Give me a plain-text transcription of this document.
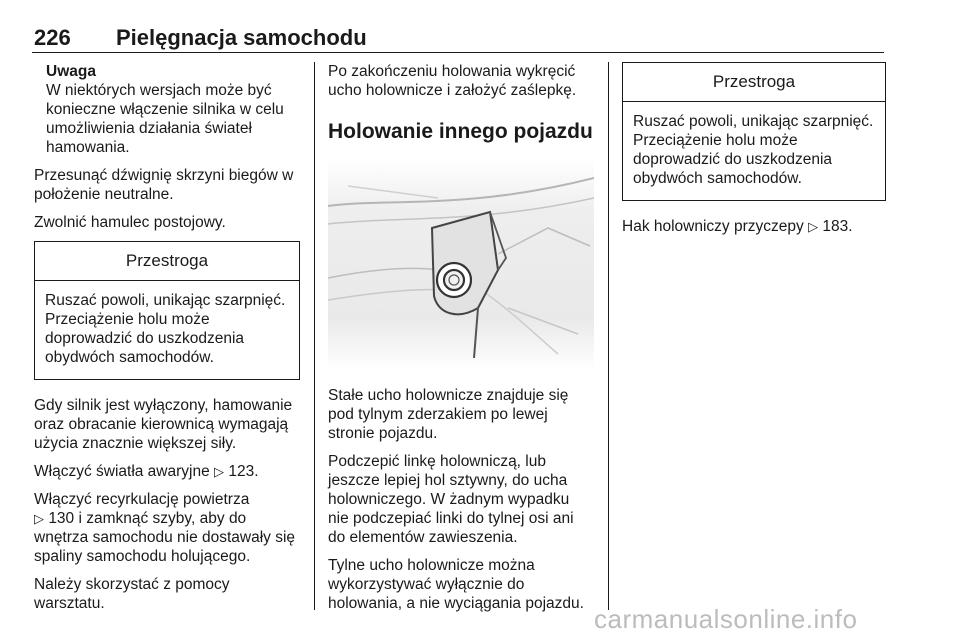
226 Pielęgnacja samochodu
Uwaga
W niektórych wersjach może być konieczne włączenie silnika w celu umożliwienia działania świateł hamowania.

Przesunąć dźwignię skrzyni biegów w położenie neutralne.

Zwolnić hamulec postojowy.

Przestroga
Ruszać powoli, unikając szarpnięć. Przeciążenie holu może doprowadzić do uszkodzenia obydwóch samochodów.

Gdy silnik jest wyłączony, hamowanie oraz obracanie kierownicą wymagają użycia znacznie większej siły.

Włączyć światła awaryjne ▷ 123.

Włączyć recyrkulację powietrza
▷ 130 i zamknąć szyby, aby do wnętrza samochodu nie dostawały się spaliny samochodu holującego.

Należy skorzystać z pomocy warsztatu.

Po zakończeniu holowania wykręcić ucho holownicze i założyć zaślepkę.

Holowanie innego pojazdu

Stałe ucho holownicze znajduje się pod tylnym zderzakiem po lewej stronie pojazdu.

Podczepić linkę holowniczą, lub jeszcze lepiej hol sztywny, do ucha holowniczego. W żadnym wypadku nie podczepiać linki do tylnej osi ani do elementów zawieszenia.

Tylne ucho holownicze można wykorzystywać wyłącznie do holowania, a nie wyciągania pojazdu.

Przestroga
Ruszać powoli, unikając szarpnięć. Przeciążenie holu może doprowadzić do uszkodzenia obydwóch samochodów.

Hak holowniczy przyczepy ▷ 183.

carmanualsonline.info
